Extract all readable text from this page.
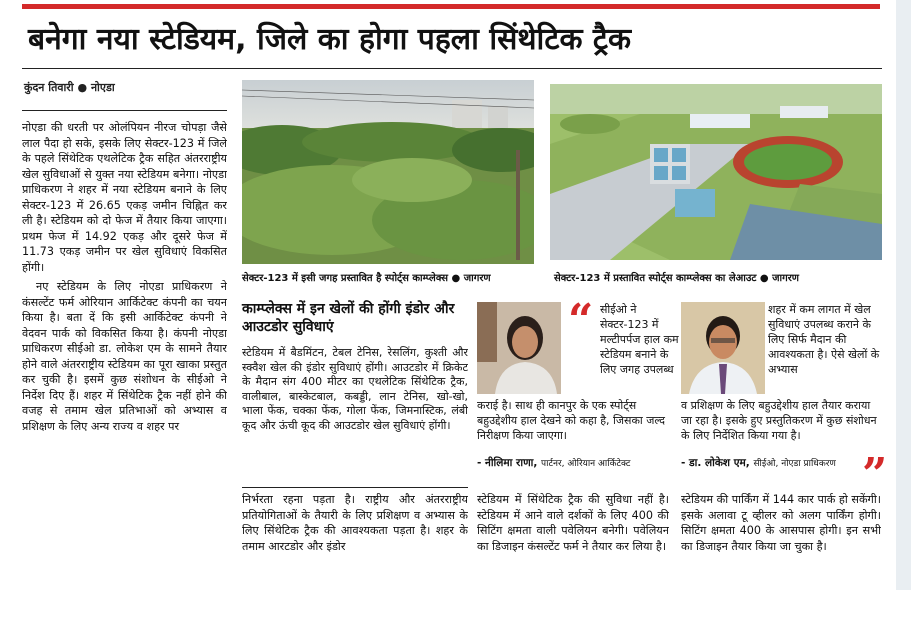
बनेगा नया स्टेडियम, जिले का होगा पहला सिंथेटिक ट्रैक
कुंदन तिवारी ● नोएडा

नोएडा की धरती पर ओलंपियन नीरज चोपड़ा जैसे लाल पैदा हो सके, इसके लिए सेक्टर-123 में जिले के पहले सिंथेटिक एथलेटिक ट्रैक सहित अंतरराष्ट्रीय खेल सुविधाओं से युक्त नया स्टेडियम बनेगा। नोएडा प्राधिकरण ने शहर में नया स्टेडियम बनाने के लिए सेक्टर-123 में 26.65 एकड़ जमीन चिह्नित कर ली है। स्टेडियम को दो फेज में तैयार किया जाएगा। प्रथम फेज में 14.92 एकड़ और दूसरे फेज में 11.73 एकड़ जमीन पर खेल सुविधाएं विकसित होंगी।

नए स्टेडियम के लिए नोएडा प्राधिकरण ने कंसल्टेंट फर्म ओरियान आर्किटेक्ट कंपनी का चयन किया है। बता दें कि इसी आर्किटेक्ट कंपनी ने वेदवन पार्क को विकसित किया है। कंपनी नोएडा प्राधिकरण सीईओ डा. लोकेश एम के सामने तैयार होने वाले अंतरराष्ट्रीय स्टेडियम का पूरा खाका प्रस्तुत कर चुकी है। इसमें कुछ संशोधन के सीईओ ने निर्देश दिए हैं। शहर में सिंथेटिक ट्रैक नहीं होने की वजह से तमाम खेल प्रतिभाओं को अभ्यास व प्रशिक्षण के लिए अन्य राज्य व शहर पर

सेक्टर-123 में इसी जगह प्रस्तावित है स्पोर्ट्स काम्प्लेक्स ● जागरण	सेक्टर-123 में प्रस्तावित स्पोर्ट्स काम्प्लेक्स का लेआउट ● जागरण
काम्प्लेक्स में इन खेलों की होंगी इंडोर और आउटडोर सुविधाएं
स्टेडियम में बैडमिंटन, टेबल टेनिस, रेसलिंग, कुश्ती और स्क्वैश खेल की इंडोर सुविधाएं होंगी। आउटडोर में क्रिकेट के मैदान संग 400 मीटर का एथलेटिक सिंथेटिक ट्रैक, वालीबाल, बास्केटबाल, कबड्डी, लान टेनिस, खो-खो, भाला फेंक, चक्का फेंक, गोला फेंक, जिमनास्टिक, लंबी कूद और ऊंची कूद की आउटडोर खेल सुविधाएं होंगी।
निर्भरता रहना पड़ता है। राष्ट्रीय और अंतरराष्ट्रीय प्रतियोगिताओं के तैयारी के लिए प्रशिक्षण व अभ्यास के लिए सिंथेटिक ट्रैक की आवश्यकता पड़ता है। शहर के तमाम आरटडोर और इंडोर
“ सीईओ ने सेक्टर-123 में मल्टीपर्पज हाल कम स्टेडियम बनाने के लिए जगह उपलब्ध
कराई है। साथ ही कानपुर के एक स्पोर्ट्स बहुउद्देशीय हाल देखने को कहा है, जिसका जल्द निरीक्षण किया जाएगा।
- नीलिमा राणा, पार्टनर, ओरियान आर्किटेक्ट
शहर में कम लागत में खेल सुविधाएं उपलब्ध कराने के लिए सिर्फ मैदान की आवश्यकता है। ऐसे खेलों के अभ्यास
व प्रशिक्षण के लिए बहुउद्देशीय हाल तैयार कराया जा रहा है। इसके हुए प्रस्तुतिकरण में कुछ संशोधन के लिए निर्देशित किया गया है।
- डा. लोकेश एम, सीईओ, नोएडा प्राधिकरण ”
स्टेडियम में सिंथेटिक ट्रैक की सुविधा नहीं है। स्टेडियम में आने वाले दर्शकों के लिए 400 की सिटिंग क्षमता वाली पवेलियन बनेगी। पवेलियन का डिजाइन कंसल्टेंट फर्म ने तैयार कर लिया है।
स्टेडियम की पार्किंग में 144 कार पार्क हो सकेंगी। इसके अलावा टू व्हीलर को अलग पार्किंग होगी। सिटिंग क्षमता 400 के आसपास होगी। इन सभी का डिजाइन तैयार किया जा चुका है।
